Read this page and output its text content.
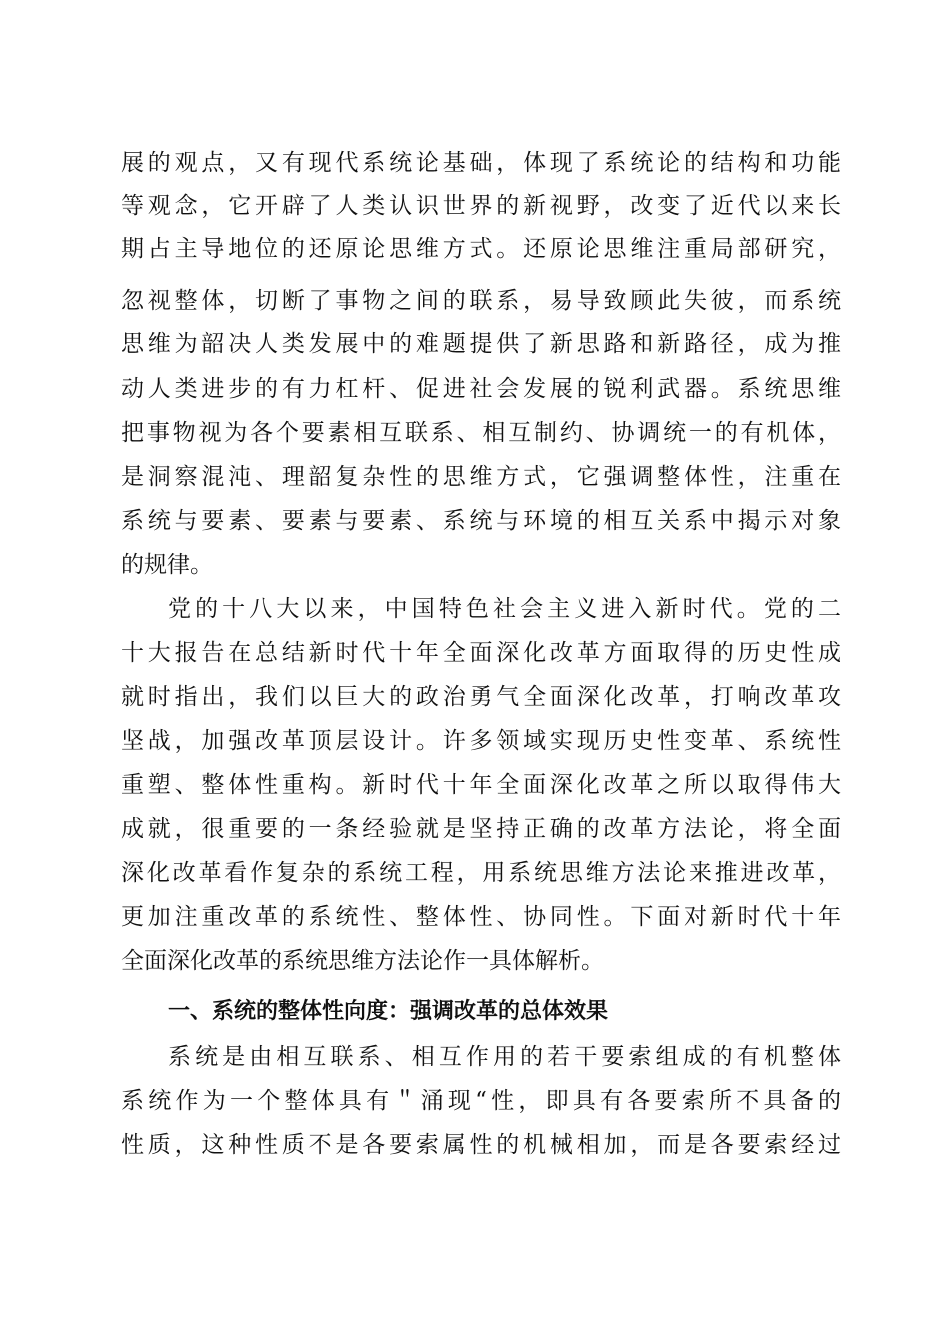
展的观点，又有现代系统论基础，体现了系统论的结构和功能
等观念，它开辟了人类认识世界的新视野，改变了近代以来长
期占主导地位的还原论思维方式。还原论思维注重局部研究，
忽视整体，切断了事物之间的联系，易导致顾此失彼，而系统
思维为韶决人类发展中的难题提供了新思路和新路径，成为推
动人类进步的有力杠杆、促进社会发展的锐利武器。系统思维
把事物视为各个要素相互联系、相互制约、协调统一的有机体，
是洞察混沌、理韶复杂性的思维方式，它强调整体性，注重在
系统与要素、要素与要素、系统与环境的相互关系中揭示对象
的规律。
党的十八大以来，中国特色社会主义进入新时代。党的二
十大报告在总结新时代十年全面深化改革方面取得的历史性成
就时指出，我们以巨大的政治勇气全面深化改革，打响改革攻
坚战，加强改革顶层设计。许多领域实现历史性变革、系统性
重塑、整体性重构。新时代十年全面深化改革之所以取得伟大
成就，很重要的一条经验就是坚持正确的改革方法论，将全面
深化改革看作复杂的系统工程，用系统思维方法论来推进改革，
更加注重改革的系统性、整体性、协同性。下面对新时代十年
全面深化改革的系统思维方法论作一具体解析。
一、系统的整体性向度：强调改革的总体效果
系统是由相互联系、相互作用的若干要索组成的有机整体
系统作为一个整体具有＂涌现“性，即具有各要索所不具备的
性质，这种性质不是各要索属性的机械相加，而是各要索经过
